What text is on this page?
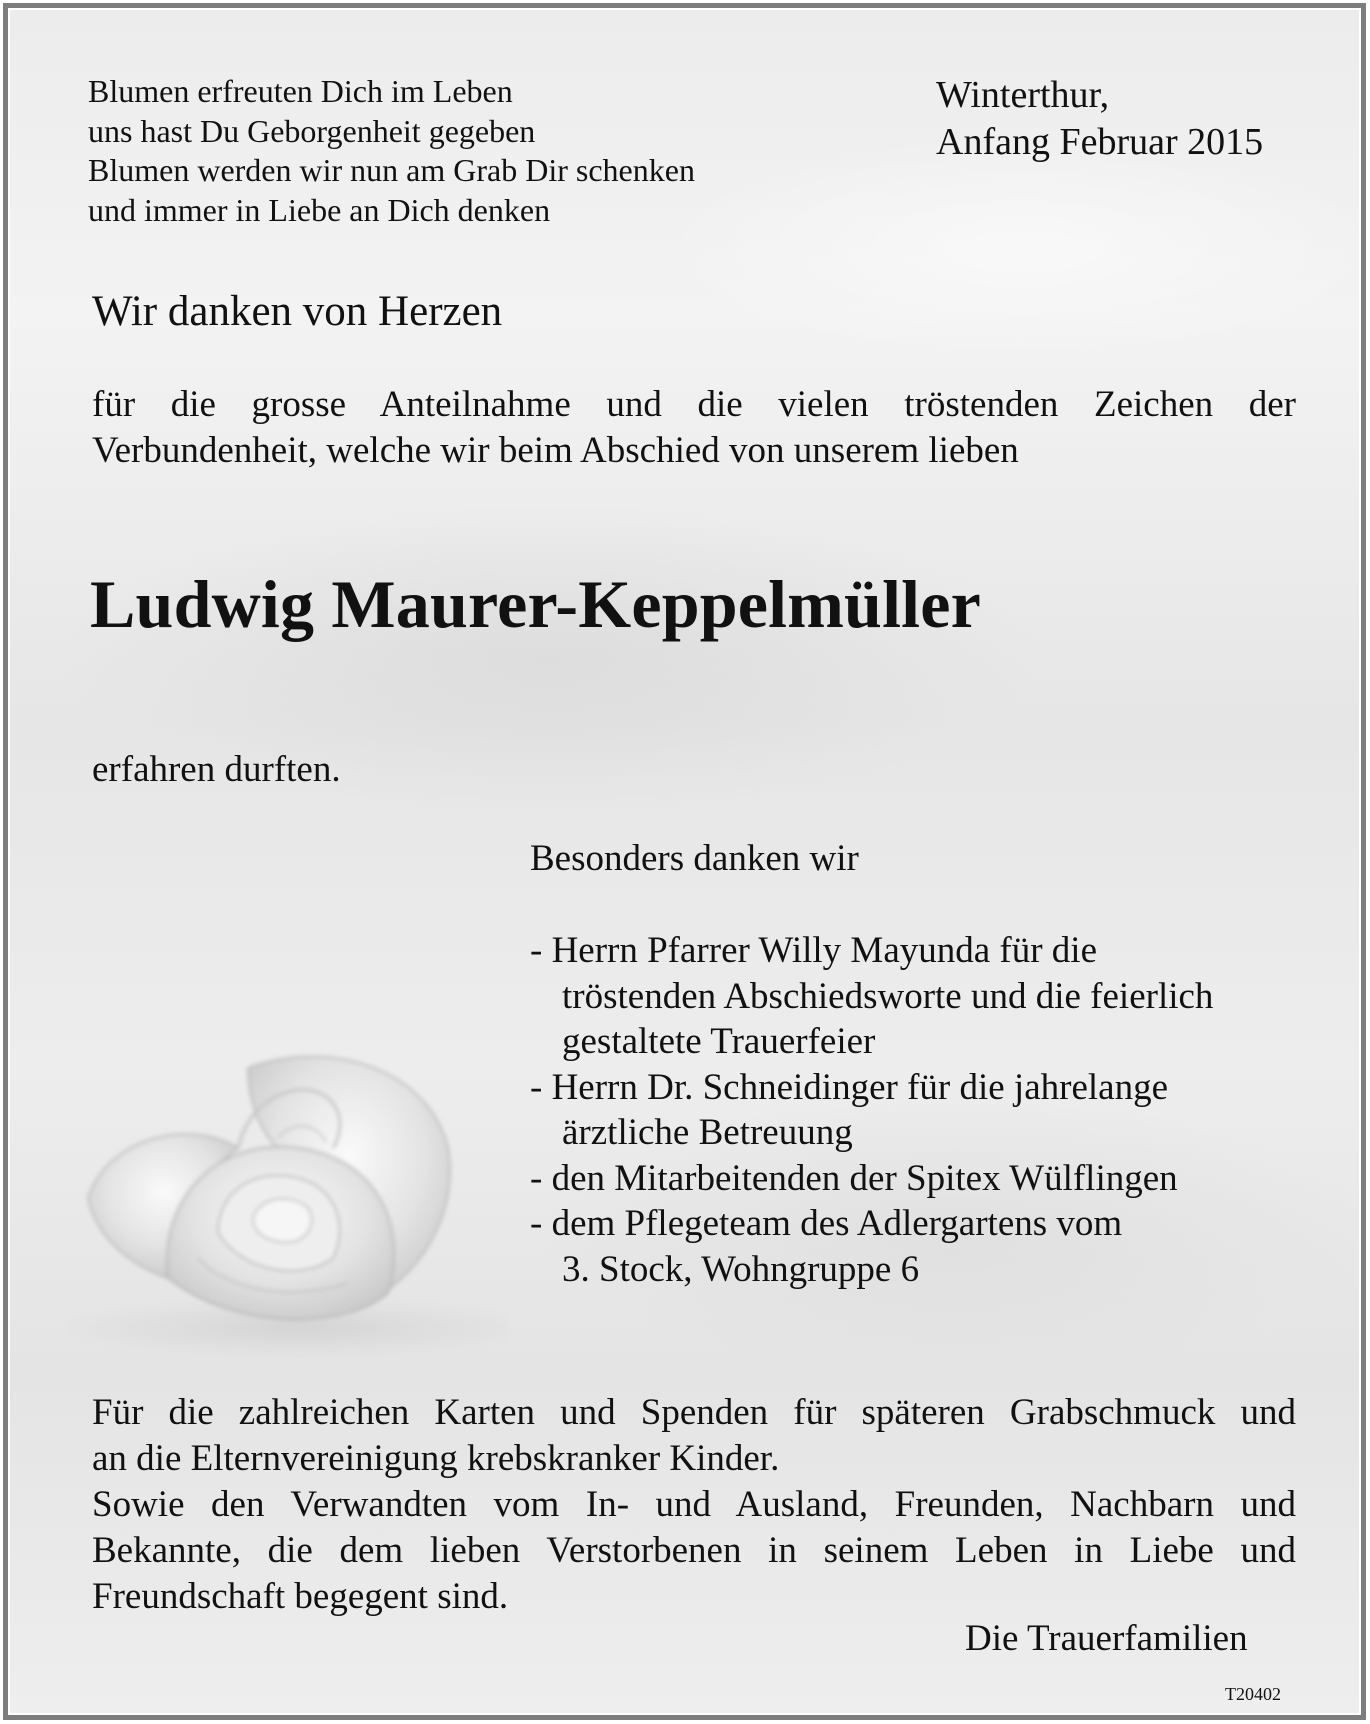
Blumen erfreuten Dich im Leben
uns hast Du Geborgenheit gegeben
Blumen werden wir nun am Grab Dir schenken
und immer in Liebe an Dich denken
Winterthur,
Anfang Februar 2015
Wir danken von Herzen
für die grosse Anteilnahme und die vielen tröstenden Zeichen der
Verbundenheit, welche wir beim Abschied von unserem lieben
Ludwig Maurer-Keppelmüller
erfahren durften.
Besonders danken wir
- Herrn Pfarrer Willy Mayunda für die
tröstenden Abschiedsworte und die feierlich
gestaltete Trauerfeier
- Herrn Dr. Schneidinger für die jahrelange
ärztliche Betreuung
- den Mitarbeitenden der Spitex Wülflingen
- dem Pflegeteam des Adlergartens vom
3. Stock, Wohngruppe 6
Für die zahlreichen Karten und Spenden für späteren Grabschmuck und
an die Elternvereinigung krebskranker Kinder.
Sowie den Verwandten vom In- und Ausland, Freunden, Nachbarn und
Bekannte, die dem lieben Verstorbenen in seinem Leben in Liebe und
Freundschaft begegent sind.
Die Trauerfamilien
T20402
